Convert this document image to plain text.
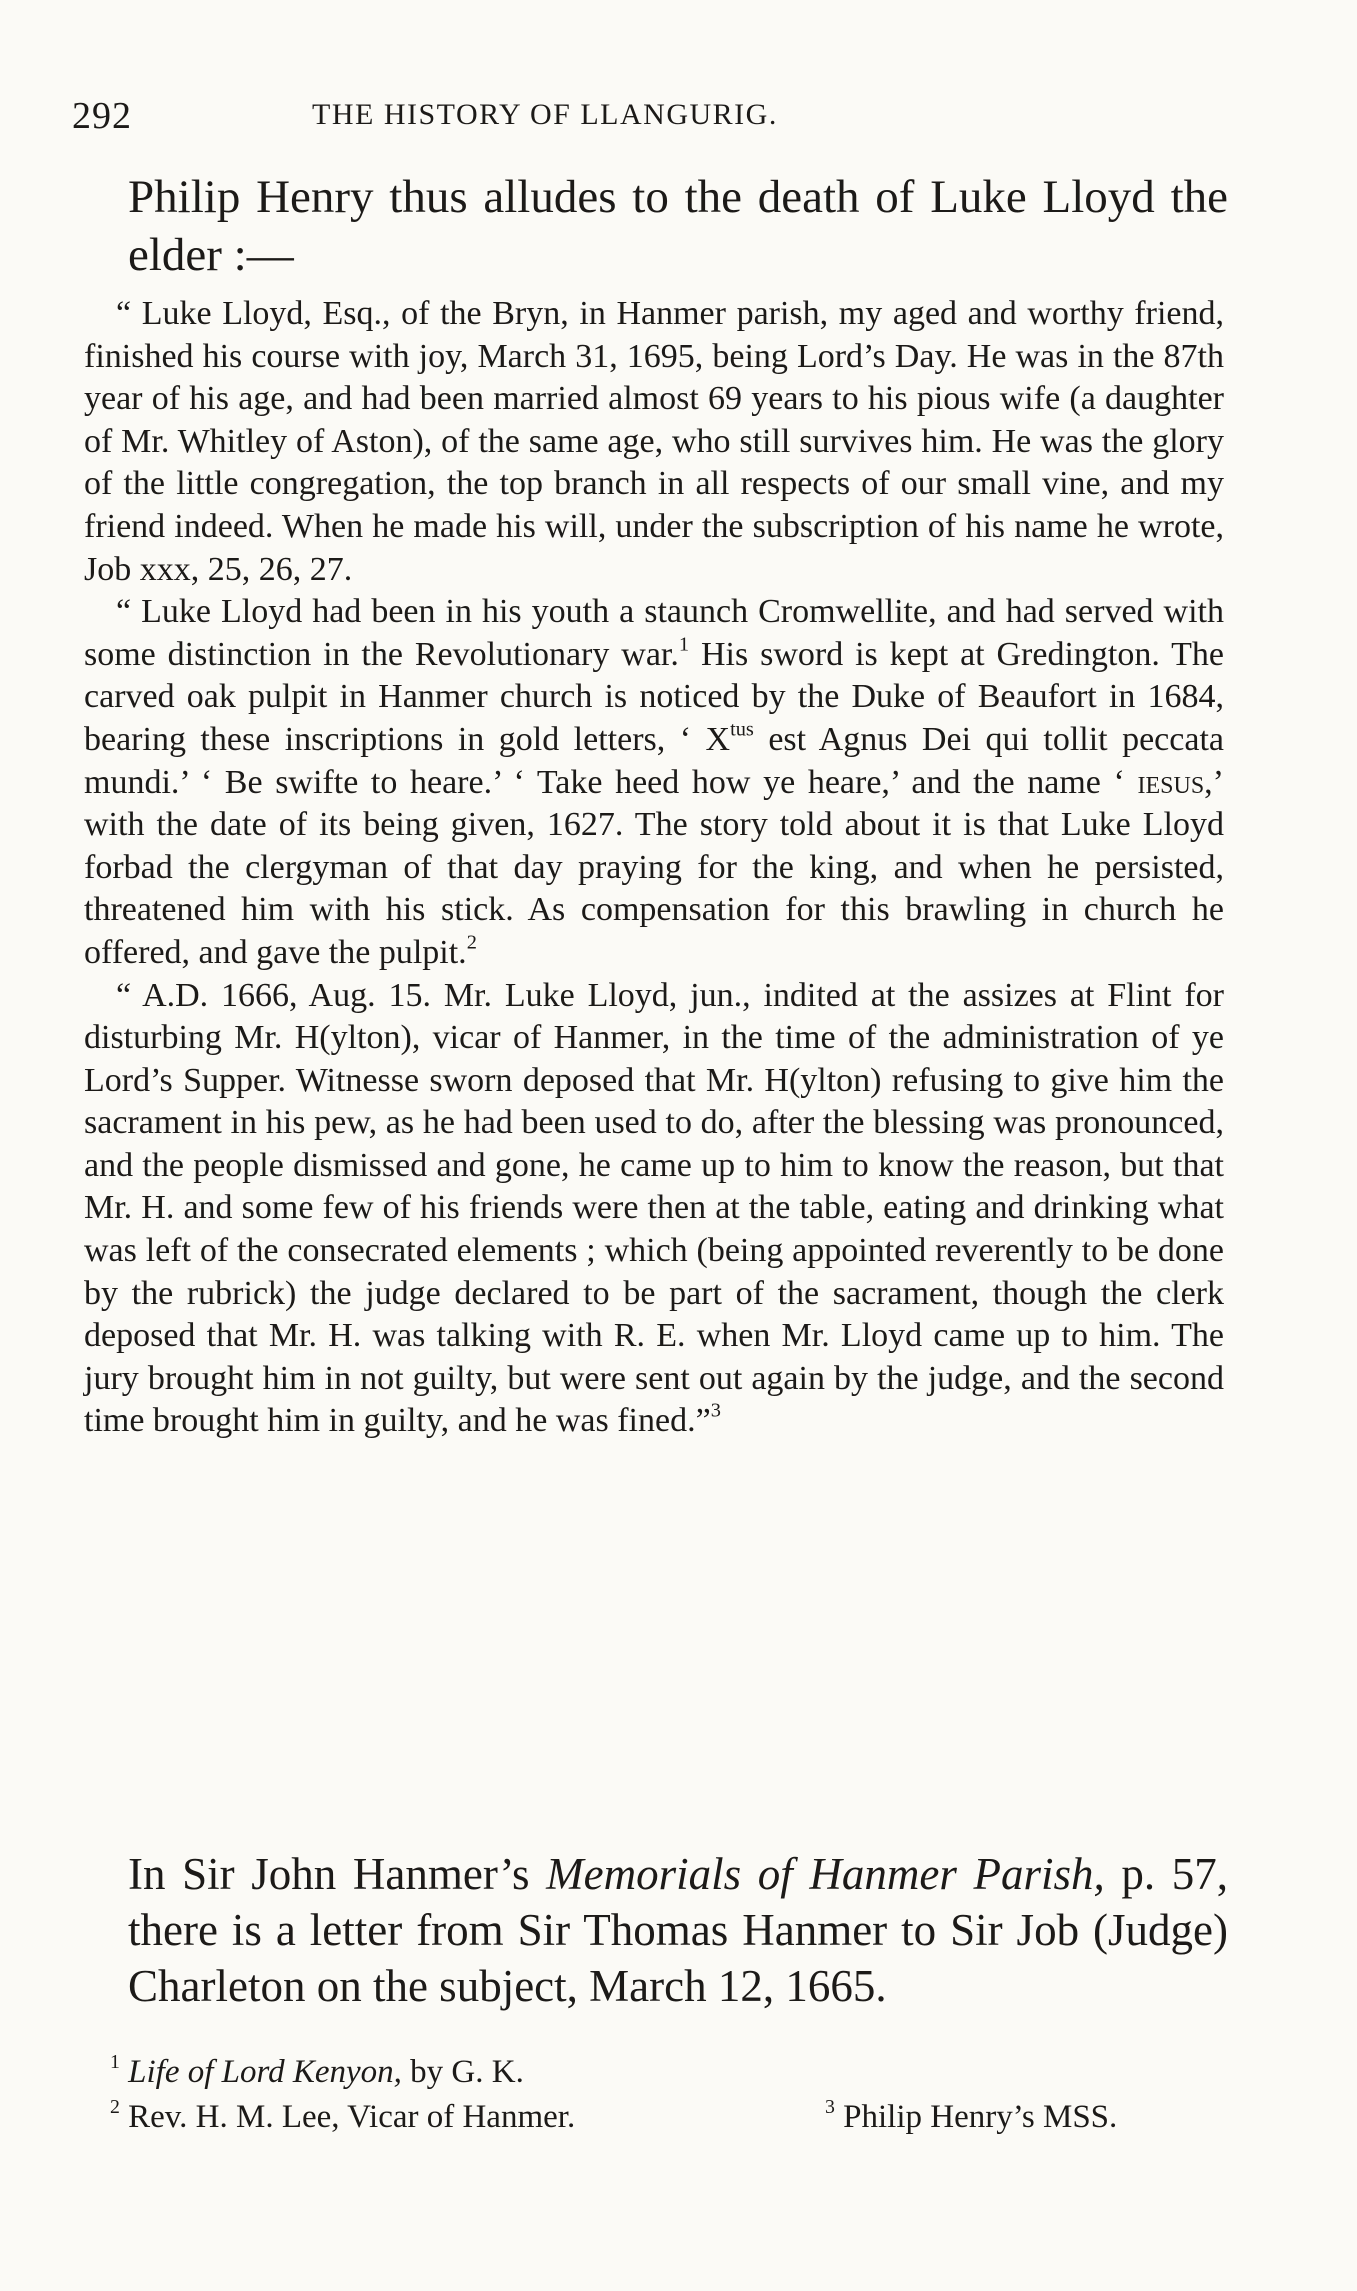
292	THE HISTORY OF LLANGURIG.
Philip Henry thus alludes to the death of Luke Lloyd the elder :—

“ Luke Lloyd, Esq., of the Bryn, in Hanmer parish, my aged and worthy friend, finished his course with joy, March 31, 1695, being Lord’s Day. He was in the 87th year of his age, and had been married almost 69 years to his pious wife (a daughter of Mr. Whitley of Aston), of the same age, who still survives him. He was the glory of the little congregation, the top branch in all respects of our small vine, and my friend indeed. When he made his will, under the subscription of his name he wrote, Job xxx, 25, 26, 27.

“ Luke Lloyd had been in his youth a staunch Cromwellite, and had served with some distinction in the Revolutionary war.$^1$ His sword is kept at Gredington. The carved oak pulpit in Hanmer church is noticed by the Duke of Beaufort in 1684, bearing these inscriptions in gold letters, ‘ $X^{tus}$ est Agnus Dei qui tollit peccata mundi.’ ‘ Be swifte to heare.’ ‘ Take heed how ye heare,’ and the name ‘ iesus,’ with the date of its being given, 1627. The story told about it is that Luke Lloyd forbad the clergyman of that day praying for the king, and when he persisted, threatened him with his stick. As compensation for this brawling in church he offered, and gave the pulpit.$^2$

“ A.D. 1666, Aug. 15. Mr. Luke Lloyd, jun., indited at the assizes at Flint for disturbing Mr. H(ylton), vicar of Hanmer, in the time of the administration of ye Lord’s Supper. Witnesse sworn deposed that Mr. H(ylton) refusing to give him the sacrament in his pew, as he had been used to do, after the blessing was pronounced, and the people dismissed and gone, he came up to him to know the reason, but that Mr. H. and some few of his friends were then at the table, eating and drinking what was left of the consecrated elements ; which (being appointed reverently to be done by the rubrick) the judge declared to be part of the sacrament, though the clerk deposed that Mr. H. was talking with R. E. when Mr. Lloyd came up to him. The jury brought him in not guilty, but were sent out again by the judge, and the second time brought him in guilty, and he was fined.”$^3$

In Sir John Hanmer’s Memorials of Hanmer Parish, p. 57, there is a letter from Sir Thomas Hanmer to Sir Job (Judge) Charleton on the subject, March 12, 1665.
$^1$ Life of Lord Kenyon, by G. K.
$^2$ Rev. H. M. Lee, Vicar of Hanmer.	$^3$ Philip Henry’s MSS.
